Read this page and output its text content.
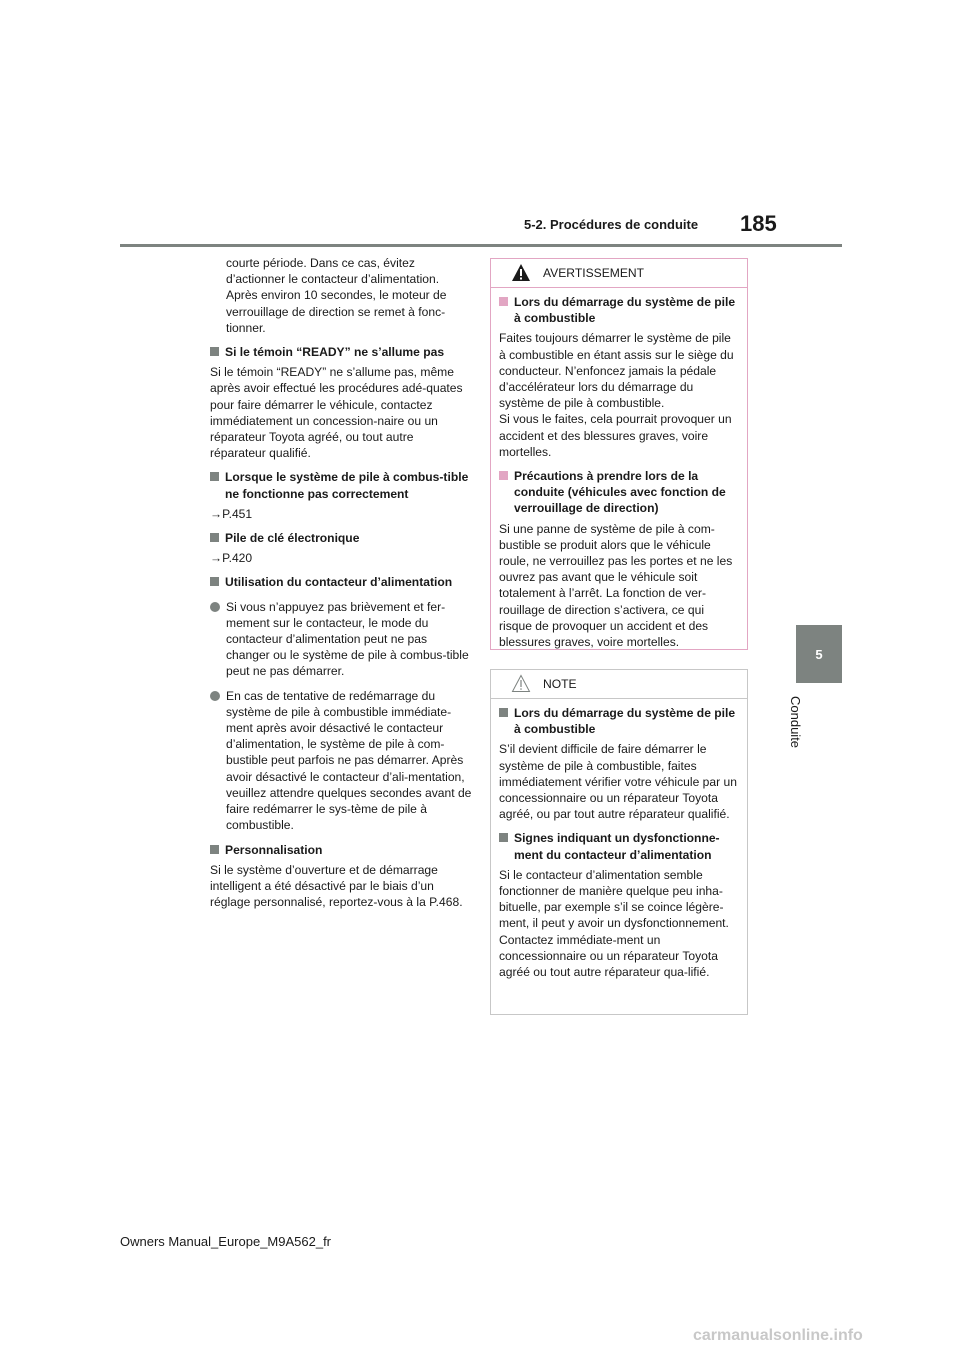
5-2. Procédures de conduite 185
5
Conduite

courte période. Dans ce cas, évitez d’actionner le contacteur d’alimentation. Après environ 10 secondes, le moteur de verrouillage de direction se remet à fonc-tionner.

Si le témoin “READY” ne s’allume pas

Si le témoin “READY” ne s’allume pas, même après avoir effectué les procédures adé-quates pour faire démarrer le véhicule, contactez immédiatement un concession-naire ou un réparateur Toyota agréé, ou tout autre réparateur qualifié.

Lorsque le système de pile à combus-tible ne fonctionne pas correctement

→P.451

Pile de clé électronique

→P.420

Utilisation du contacteur d’alimentation

Si vous n’appuyez pas brièvement et fer-mement sur le contacteur, le mode du contacteur d’alimentation peut ne pas changer ou le système de pile à combus-tible peut ne pas démarrer.

En cas de tentative de redémarrage du système de pile à combustible immédiate-ment après avoir désactivé le contacteur d’alimentation, le système de pile à com-bustible peut parfois ne pas démarrer. Après avoir désactivé le contacteur d’ali-mentation, veuillez attendre quelques secondes avant de faire redémarrer le sys-tème de pile à combustible.

Personnalisation

Si le système d’ouverture et de démarrage intelligent a été désactivé par le biais d’un réglage personnalisé, reportez-vous à la P.468.

AVERTISSEMENT

Lors du démarrage du système de pile à combustible

Faites toujours démarrer le système de pile à combustible en étant assis sur le siège du conducteur. N’enfoncez jamais la pédale d’accélérateur lors du démarrage du système de pile à combustible.

Si vous le faites, cela pourrait provoquer un accident et des blessures graves, voire mortelles.

Précautions à prendre lors de la conduite (véhicules avec fonction de verrouillage de direction)

Si une panne de système de pile à com-bustible se produit alors que le véhicule roule, ne verrouillez pas les portes et ne les ouvrez pas avant que le véhicule soit totalement à l’arrêt. La fonction de ver-rouillage de direction s’activera, ce qui risque de provoquer un accident et des blessures graves, voire mortelles.

NOTE

Lors du démarrage du système de pile à combustible

S’il devient difficile de faire démarrer le système de pile à combustible, faites immédiatement vérifier votre véhicule par un concessionnaire ou un réparateur Toyota agréé, ou par tout autre réparateur qualifié.

Signes indiquant un dysfonctionne-ment du contacteur d’alimentation

Si le contacteur d’alimentation semble fonctionner de manière quelque peu inha-bituelle, par exemple s’il se coince légère-ment, il peut y avoir un dysfonctionnement. Contactez immédiate-ment un concessionnaire ou un réparateur Toyota agréé ou tout autre réparateur qua-lifié.

Owners Manual_Europe_M9A562_fr
carmanualsonline.info
